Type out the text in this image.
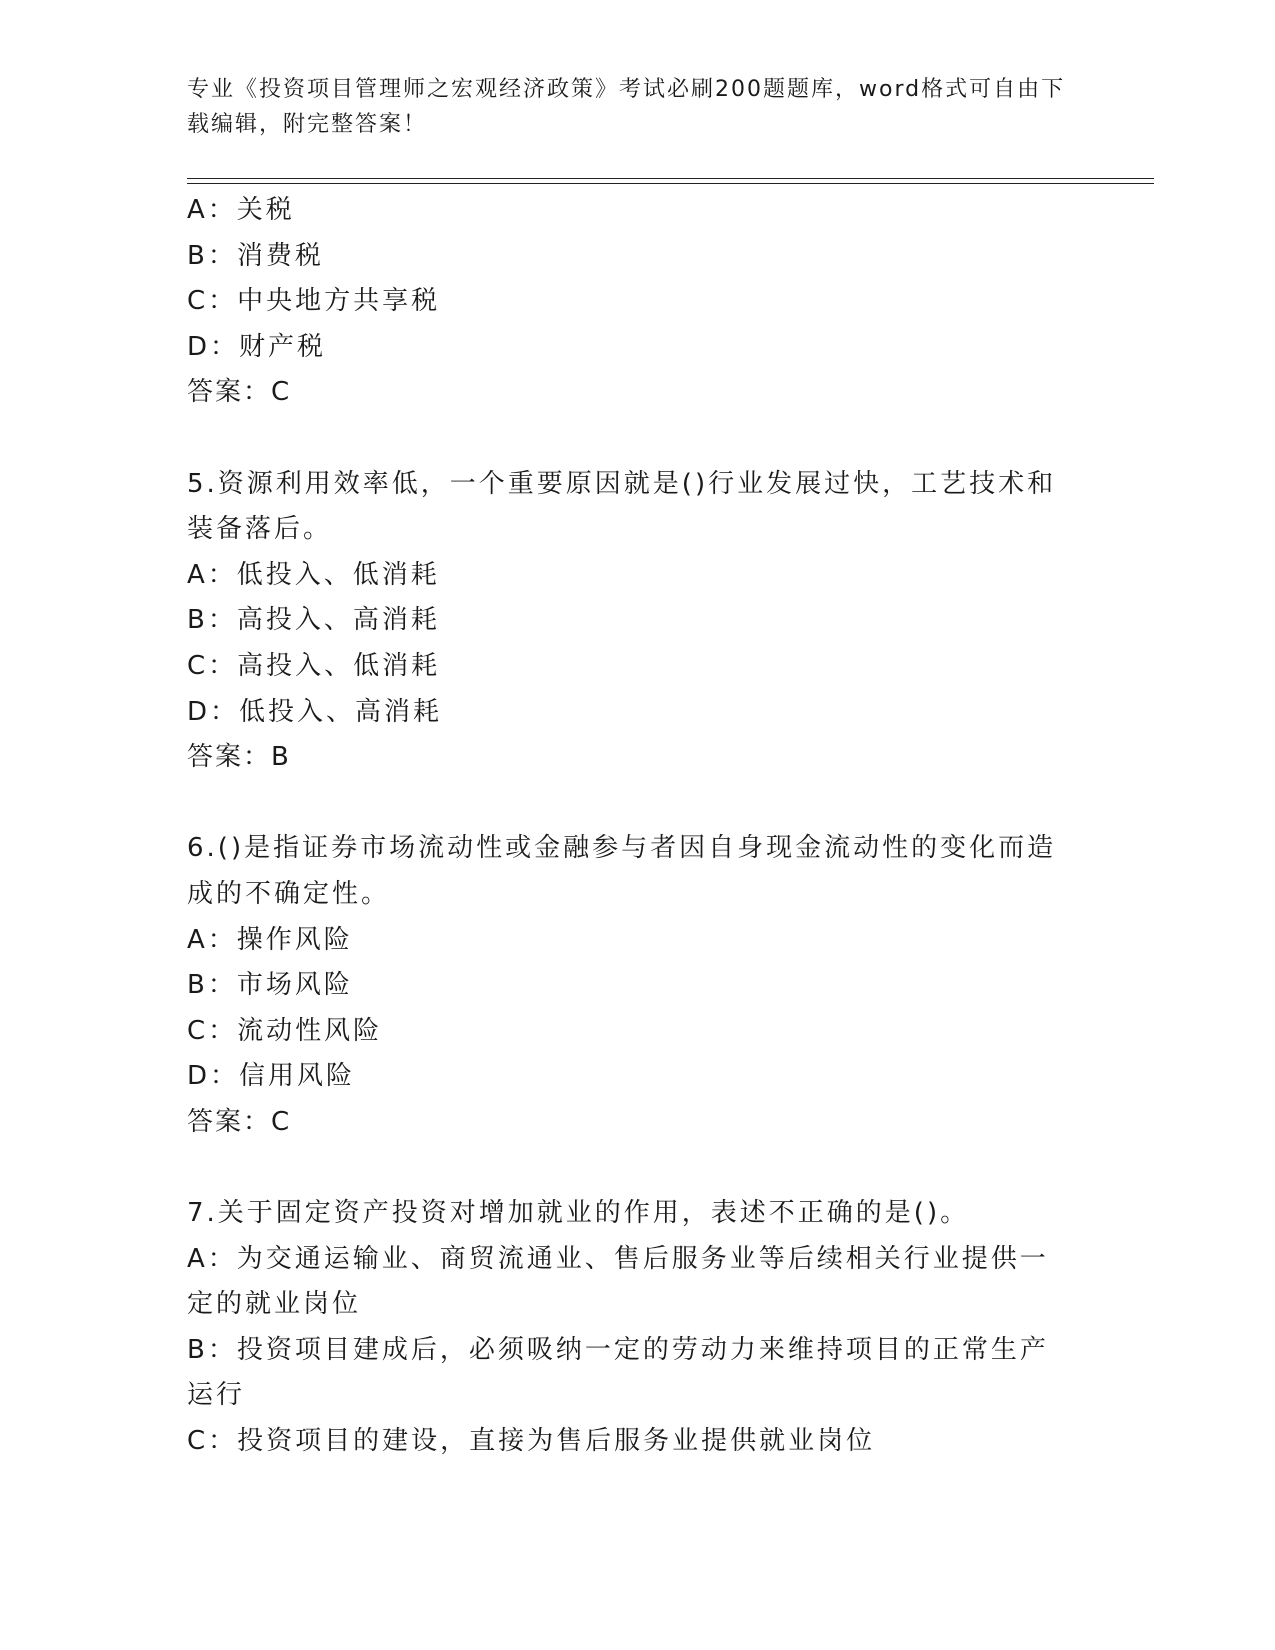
专业《投资项目管理师之宏观经济政策》考试必刷200题题库，word格式可自由下载编辑，附完整答案！
A：关税
B：消费税
C：中央地方共享税
D：财产税
答案：C
5.资源利用效率低，一个重要原因就是()行业发展过快，工艺技术和装备落后。
A：低投入、低消耗
B：高投入、高消耗
C：高投入、低消耗
D：低投入、高消耗
答案：B
6.()是指证券市场流动性或金融参与者因自身现金流动性的变化而造成的不确定性。
A：操作风险
B：市场风险
C：流动性风险
D：信用风险
答案：C
7.关于固定资产投资对增加就业的作用，表述不正确的是()。
A：为交通运输业、商贸流通业、售后服务业等后续相关行业提供一定的就业岗位
B：投资项目建成后，必须吸纳一定的劳动力来维持项目的正常生产运行
C：投资项目的建设，直接为售后服务业提供就业岗位
